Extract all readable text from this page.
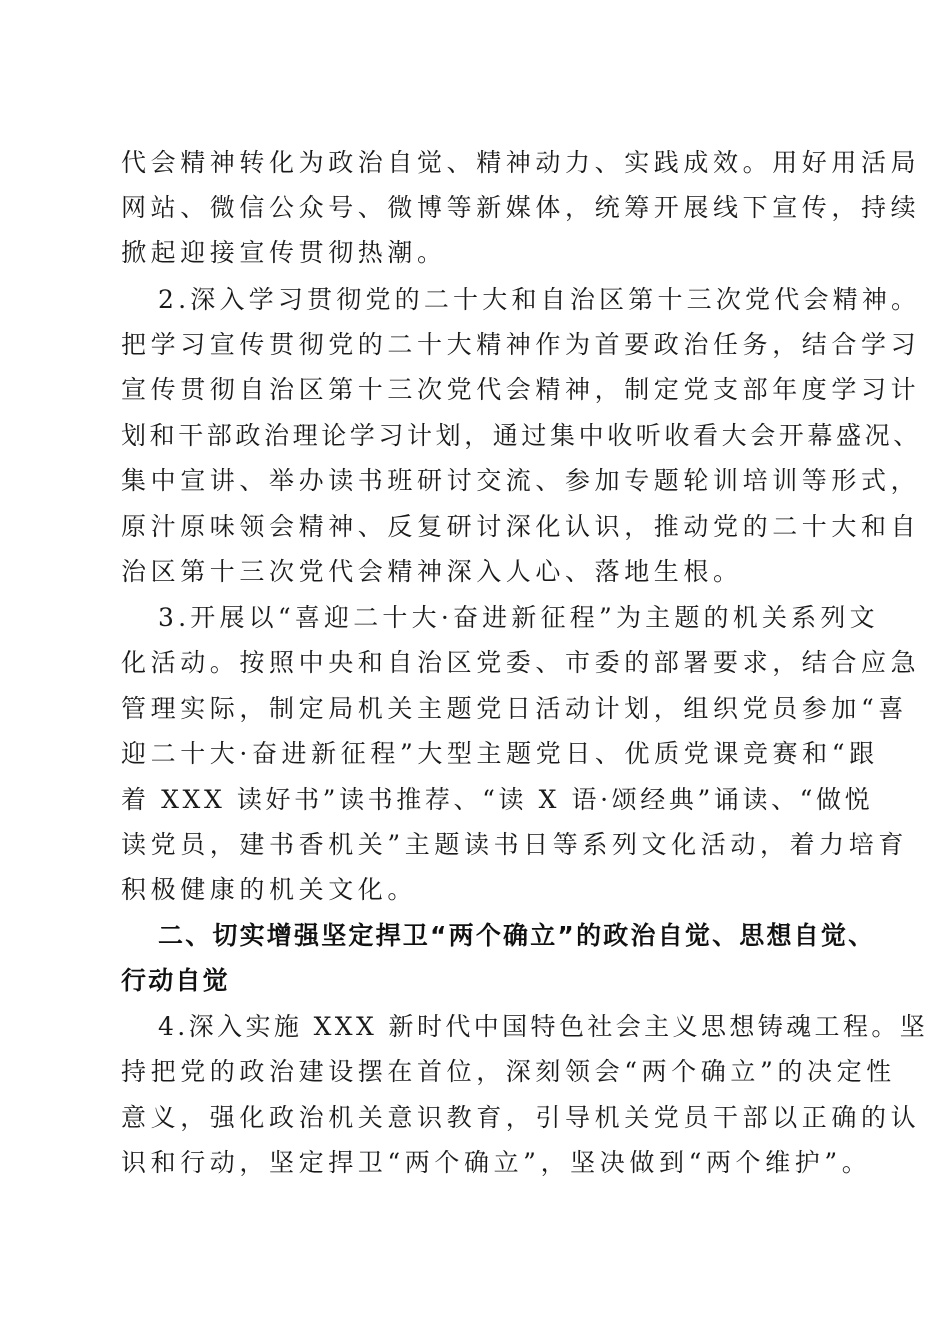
代会精神转化为政治自觉、精神动力、实践成效。用好用活局
网站、微信公众号、微博等新媒体，统筹开展线下宣传，持续
掀起迎接宣传贯彻热潮。
2.深入学习贯彻党的二十大和自治区第十三次党代会精神。
把学习宣传贯彻党的二十大精神作为首要政治任务，结合学习
宣传贯彻自治区第十三次党代会精神，制定党支部年度学习计
划和干部政治理论学习计划，通过集中收听收看大会开幕盛况、
集中宣讲、举办读书班研讨交流、参加专题轮训培训等形式，
原汁原味领会精神、反复研讨深化认识，推动党的二十大和自
治区第十三次党代会精神深入人心、落地生根。
3.开展以“喜迎二十大·奋进新征程”为主题的机关系列文
化活动。按照中央和自治区党委、市委的部署要求，结合应急
管理实际，制定局机关主题党日活动计划，组织党员参加“喜
迎二十大·奋进新征程”大型主题党日、优质党课竞赛和“跟
着 XXX 读好书”读书推荐、“读 X 语·颂经典”诵读、“做悦
读党员，建书香机关”主题读书日等系列文化活动，着力培育
积极健康的机关文化。
二、切实增强坚定捍卫“两个确立”的政治自觉、思想自觉、
行动自觉
4.深入实施 XXX 新时代中国特色社会主义思想铸魂工程。坚
持把党的政治建设摆在首位，深刻领会“两个确立”的决定性
意义，强化政治机关意识教育，引导机关党员干部以正确的认
识和行动，坚定捍卫“两个确立”，坚决做到“两个维护”。
